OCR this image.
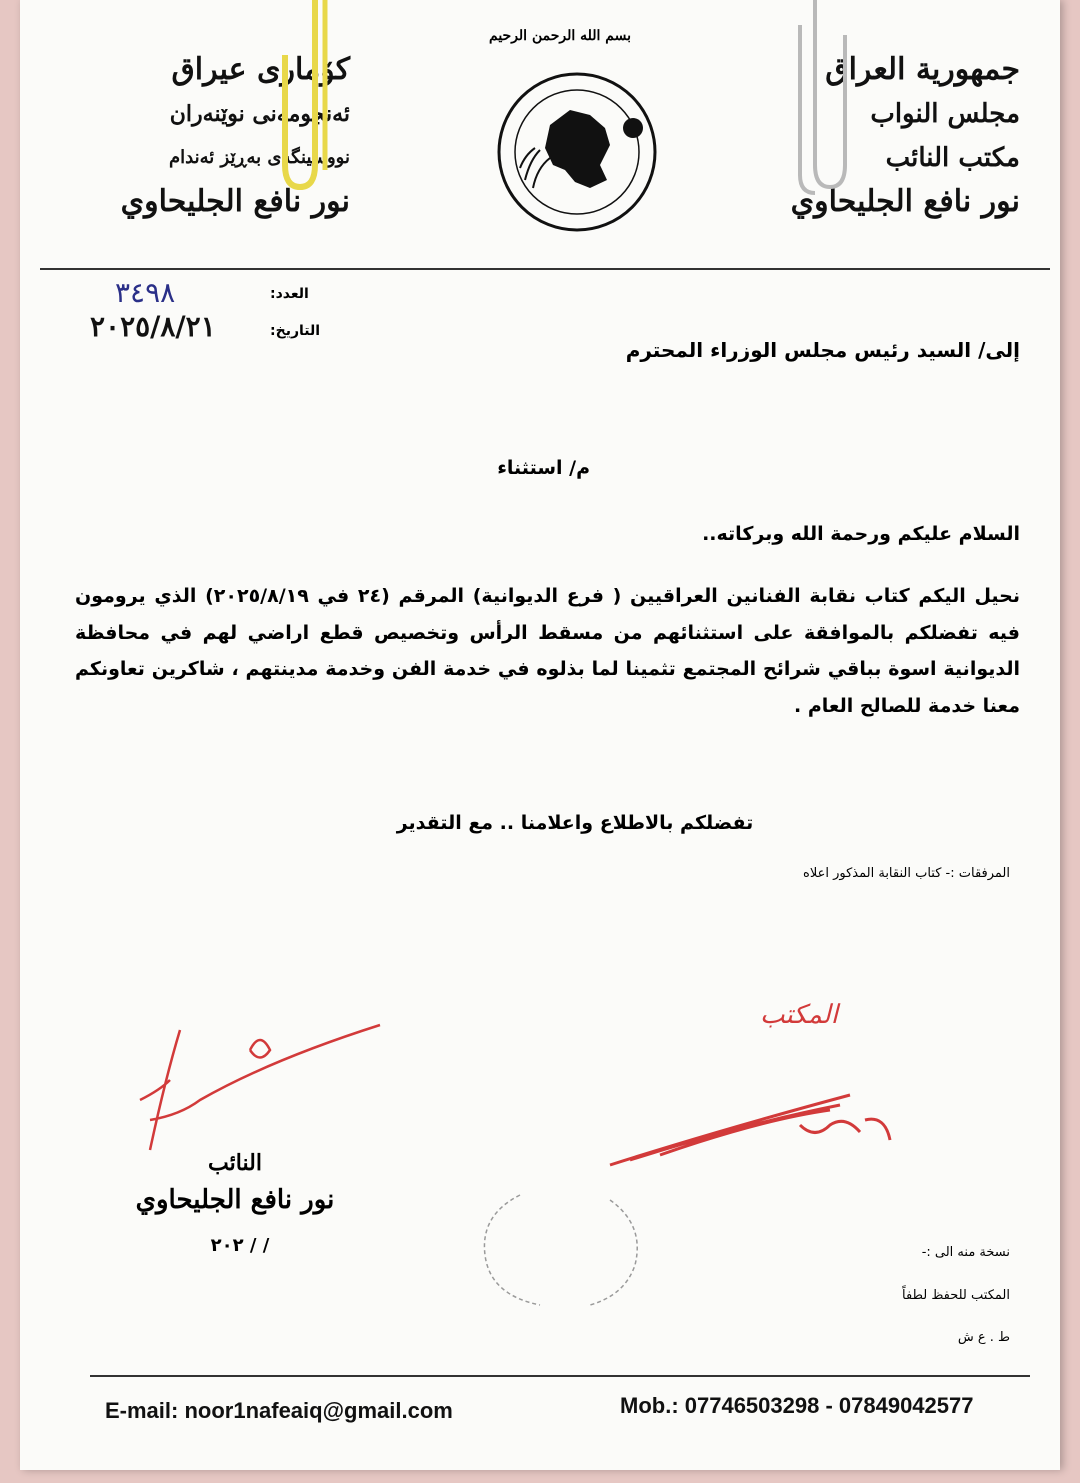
جمهورية العراق
مجلس النواب
مكتب النائب
نور نافع الجليحاوي
كۆماری عیراق
ئەنجومەنی نوێنەران
نووسینگەی بەڕێز ئەندام
نور نافع الجليحاوي
بسم الله الرحمن الرحيم
العدد:
٣٤٩٨
التاريخ:
٢٠٢٥/٨/٢١
إلى/ السيد رئيس مجلس الوزراء المحترم
م/ استثناء
السلام عليكم ورحمة الله وبركاته..
نحيل اليكم كتاب نقابة الفنانين العراقيين ( فرع الديوانية) المرقم (٢٤ في ٢٠٢٥/٨/١٩) الذي يرومون فيه تفضلكم بالموافقة على استثنائهم من مسقط الرأس وتخصيص قطع اراضي لهم في محافظة الديوانية اسوة بباقي شرائح المجتمع تثمينا لما بذلوه في خدمة الفن وخدمة مدينتهم ، شاكرين تعاونكم معنا خدمة للصالح العام .
تفضلكم بالاطلاع واعلامنا .. مع التقدير
المرفقات :- كتاب النقابة المذكور اعلاه
المكتب
النائب
نور نافع الجليحاوي
٢٠٢ / /	نسخة منه الى :-
المكتب للحفظ لطفاً
ط . ع ش
E-mail: noor1nafeaiq@gmail.com	Mob.: 07746503298 - 07849042577
